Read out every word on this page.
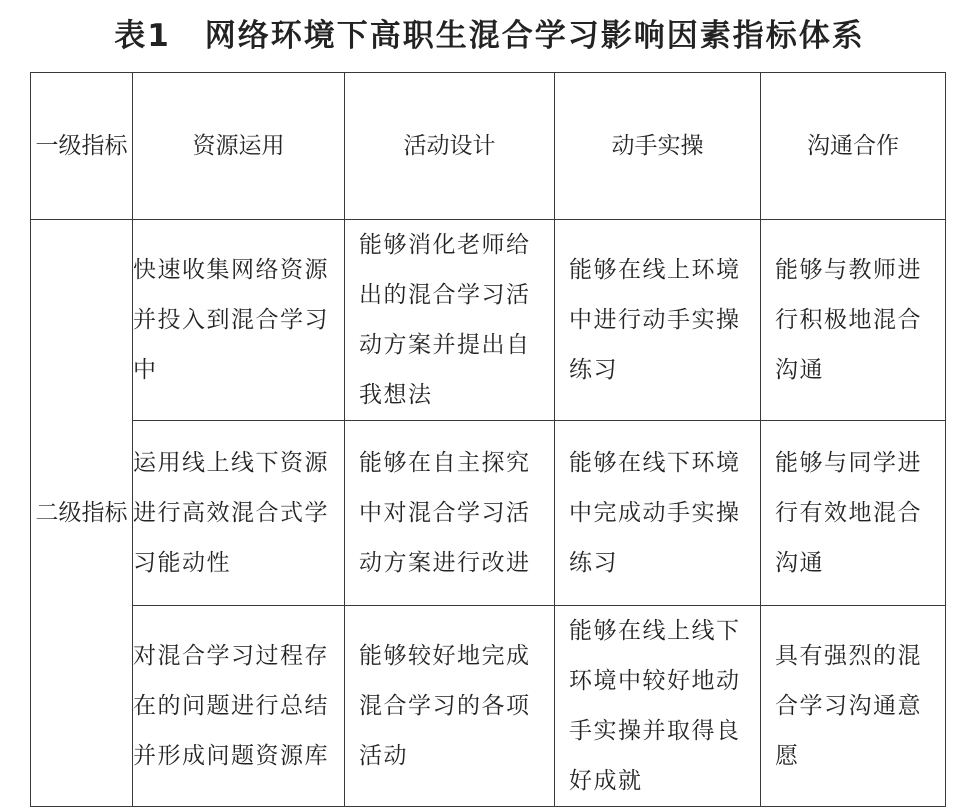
表1 网络环境下高职生混合学习影响因素指标体系
一级指标	资源运用	活动设计	动手实操	沟通合作
二级指标	快速收集网络资源并投入到混合学习中	能够消化老师给出的混合学习活动方案并提出自我想法	能够在线上环境中进行动手实操练习	能够与教师进行积极地混合沟通
	运用线上线下资源进行高效混合式学习能动性	能够在自主探究中对混合学习活动方案进行改进	能够在线下环境中完成动手实操练习	能够与同学进行有效地混合沟通
	对混合学习过程存在的问题进行总结并形成问题资源库	能够较好地完成混合学习的各项活动	能够在线上线下环境中较好地动手实操并取得良好成就	具有强烈的混合学习沟通意愿
